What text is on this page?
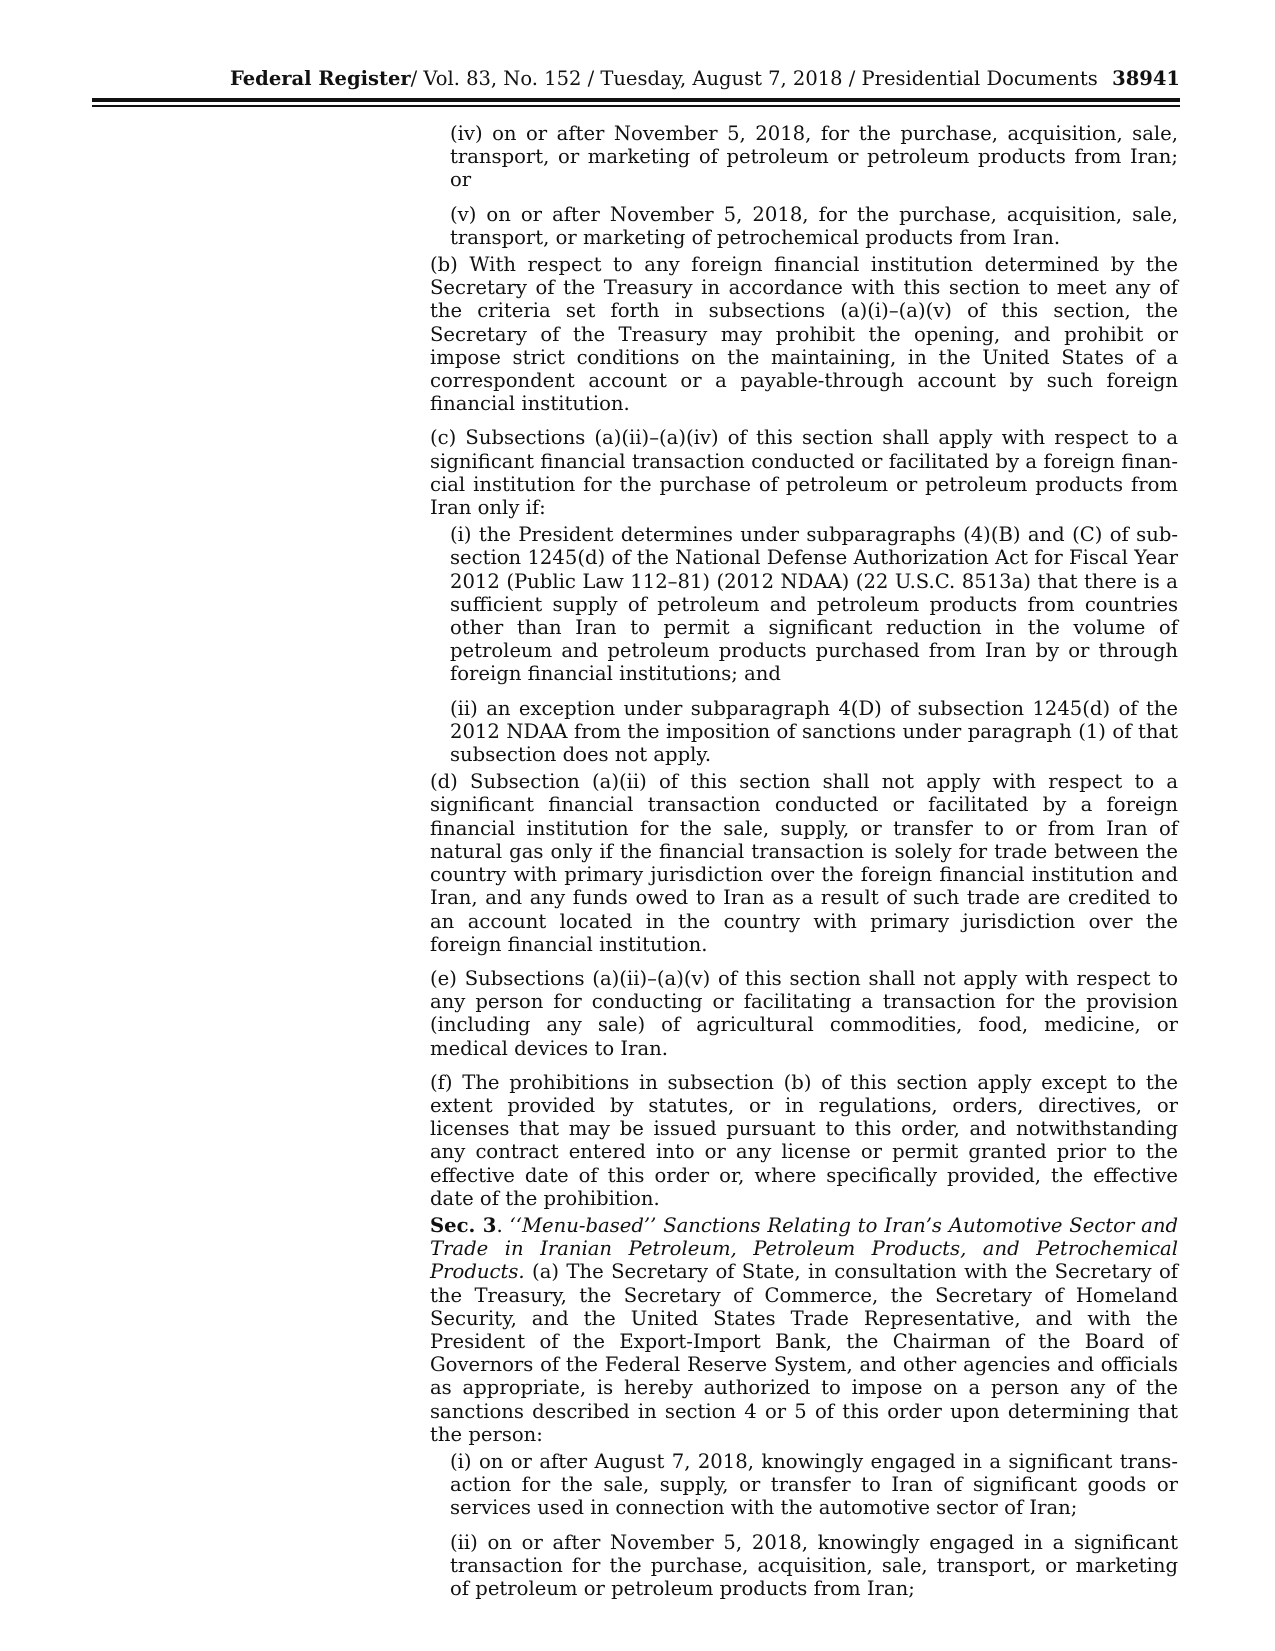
Federal Register/ Vol. 83, No. 152 / Tuesday, August 7, 2018 / Presidential Documents 38941

(iv) on or after November 5, 2018, for the purchase, acquisition, sale, transport, or marketing of petroleum or petroleum products from Iran; or

(v) on or after November 5, 2018, for the purchase, acquisition, sale, transport, or marketing of petrochemical products from Iran.

(b) With respect to any foreign financial institution determined by the Secretary of the Treasury in accordance with this section to meet any of the criteria set forth in subsections (a)(i)–(a)(v) of this section, the Secretary of the Treasury may prohibit the opening, and prohibit or impose strict conditions on the maintaining, in the United States of a correspondent account or a payable-through account by such foreign financial institution.

(c) Subsections (a)(ii)–(a)(iv) of this section shall apply with respect to a significant financial transaction conducted or facilitated by a foreign financial institution for the purchase of petroleum or petroleum products from Iran only if:

(i) the President determines under subparagraphs (4)(B) and (C) of subsection 1245(d) of the National Defense Authorization Act for Fiscal Year 2012 (Public Law 112–81) (2012 NDAA) (22 U.S.C. 8513a) that there is a sufficient supply of petroleum and petroleum products from countries other than Iran to permit a significant reduction in the volume of petroleum and petroleum products purchased from Iran by or through foreign financial institutions; and

(ii) an exception under subparagraph 4(D) of subsection 1245(d) of the 2012 NDAA from the imposition of sanctions under paragraph (1) of that subsection does not apply.

(d) Subsection (a)(ii) of this section shall not apply with respect to a significant financial transaction conducted or facilitated by a foreign financial institution for the sale, supply, or transfer to or from Iran of natural gas only if the financial transaction is solely for trade between the country with primary jurisdiction over the foreign financial institution and Iran, and any funds owed to Iran as a result of such trade are credited to an account located in the country with primary jurisdiction over the foreign financial institution.

(e) Subsections (a)(ii)–(a)(v) of this section shall not apply with respect to any person for conducting or facilitating a transaction for the provision (including any sale) of agricultural commodities, food, medicine, or medical devices to Iran.

(f) The prohibitions in subsection (b) of this section apply except to the extent provided by statutes, or in regulations, orders, directives, or licenses that may be issued pursuant to this order, and notwithstanding any contract entered into or any license or permit granted prior to the effective date of this order or, where specifically provided, the effective date of the prohibition.

Sec. 3. ‘‘Menu-based’’ Sanctions Relating to Iran’s Automotive Sector and Trade in Iranian Petroleum, Petroleum Products, and Petrochemical Products. (a) The Secretary of State, in consultation with the Secretary of the Treasury, the Secretary of Commerce, the Secretary of Homeland Security, and the United States Trade Representative, and with the President of the Export-Import Bank, the Chairman of the Board of Governors of the Federal Reserve System, and other agencies and officials as appropriate, is hereby authorized to impose on a person any of the sanctions described in section 4 or 5 of this order upon determining that the person:

(i) on or after August 7, 2018, knowingly engaged in a significant transaction for the sale, supply, or transfer to Iran of significant goods or services used in connection with the automotive sector of Iran;

(ii) on or after November 5, 2018, knowingly engaged in a significant transaction for the purchase, acquisition, sale, transport, or marketing of petroleum or petroleum products from Iran;
